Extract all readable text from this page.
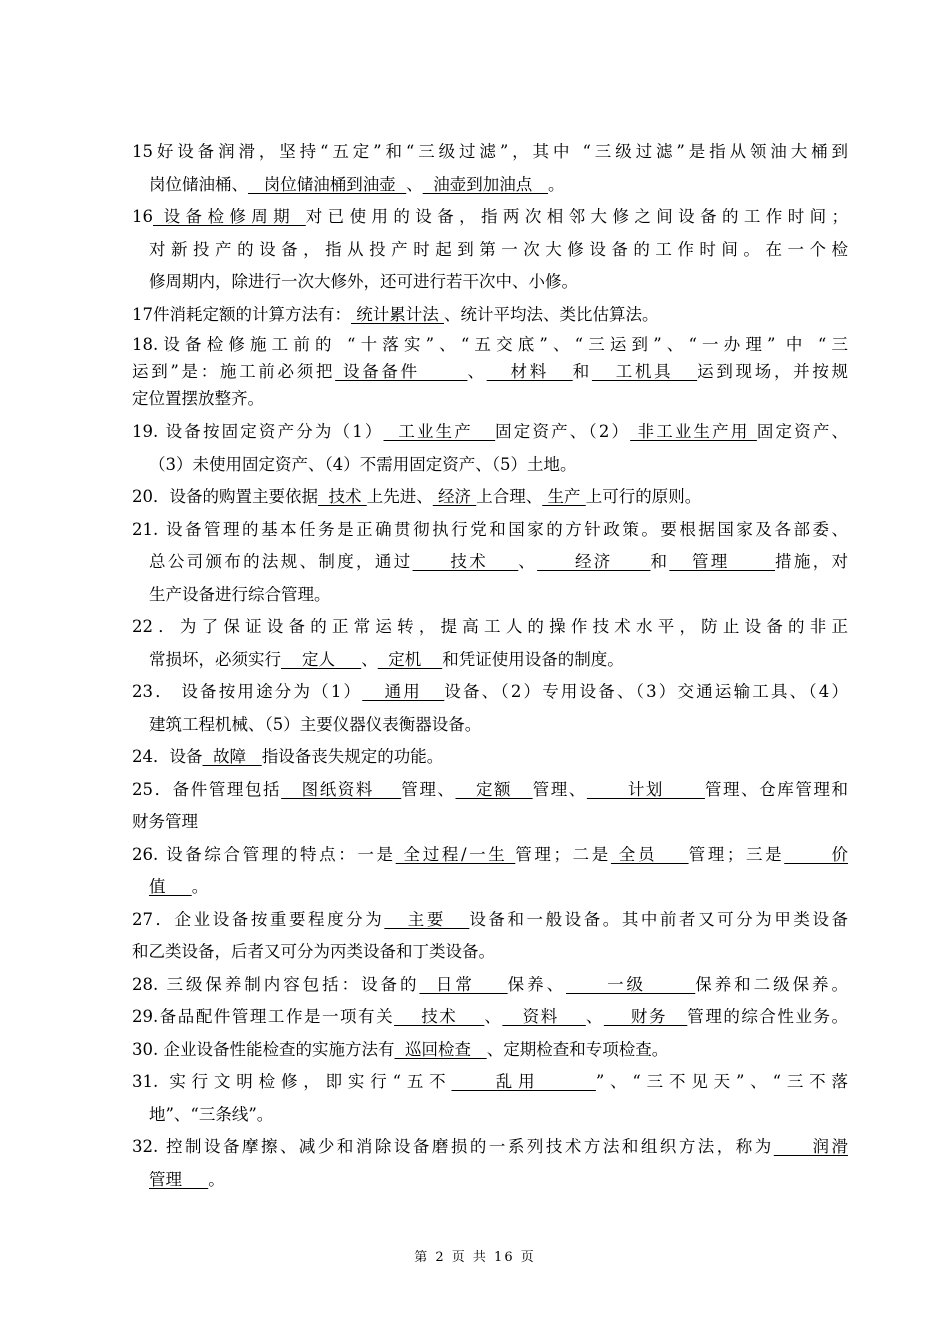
15好设备润滑，坚持“五定”和“三级过滤”，其中 “三级过滤”是指从领油大桶到
岗位储油桶、   岗位储油桶到油壶  、  油壶到加油点   。

16 设备检修周期 对已使用的设备，指两次相邻大修之间设备的工作时间；
对新投产的设备，指从投产时起到第一次大修设备的工作时间。在一个检
修周期内，除进行一次大修外，还可进行若干次中、小修。

17件消耗定额的计算方法有： 统计累计法 、统计平均法、类比估算法。

18.设备检修施工前的 “十落实”、“五交底”、“三运到”、“一办理” 中 “三
运到”是：施工前必须把 设备备件      、   材料   和   工机具   运到现场，并按规
定位置摆放整齐。

19. 设备按固定资产分为（1）  工业生产   固定资产、（2） 非工业生产用 固定资产、
（3）未使用固定资产、（4）不需用固定资产、（5）土地。

20．设备的购置主要依据  技术 上先进、 经济 上合理、 生产 上可行的原则。

21. 设备管理的基本任务是正确贯彻执行党和国家的方针政策。要根据国家及各部委、
总公司颁布的法规、制度，通过     技术    、     经济     和   管理      措施，对
生产设备进行综合管理。

22．为了保证设备的正常运转，提高工人的操作技术水平，防止设备的非正
常损坏，必须实行    定人     、  定机    和凭证使用设备的制度。

23． 设备按用途分为（1）   通用   设备、（2）专用设备、（3）交通运输工具、（4）
建筑工程机械、（5）主要仪器仪表衡器设备。

24．设备  故障   指设备丧失规定的功能。

25．备件管理包括   图纸资料    管理、   定额   管理、      计划      管理、仓库管理和
财务管理

26. 设备综合管理的特点：一是 全过程/一生 管理；二是 全员    管理；三是      价
值     。

27．企业设备按重要程度分为   主要   设备和一般设备。其中前者又可分为甲类设备
和乙类设备，后者又可分为丙类设备和丁类设备。

28. 三级保养制内容包括：设备的  日常    保养、     一级      保养和二级保养。

29.备品配件管理工作是一项有关    技术    、   资料    、    财务   管理的综合性业务。

30. 企业设备性能检查的实施方法有  巡回检查   、定期检查和专项检查。

31. 实行文明检修，即实行“五不    乱用     ”、“三不见天”、“三不落
地”、“三条线”。

32. 控制设备摩擦、减少和消除设备磨损的一系列技术方法和组织方法，称为     润滑
管理     。

第 2 页 共 16 页
